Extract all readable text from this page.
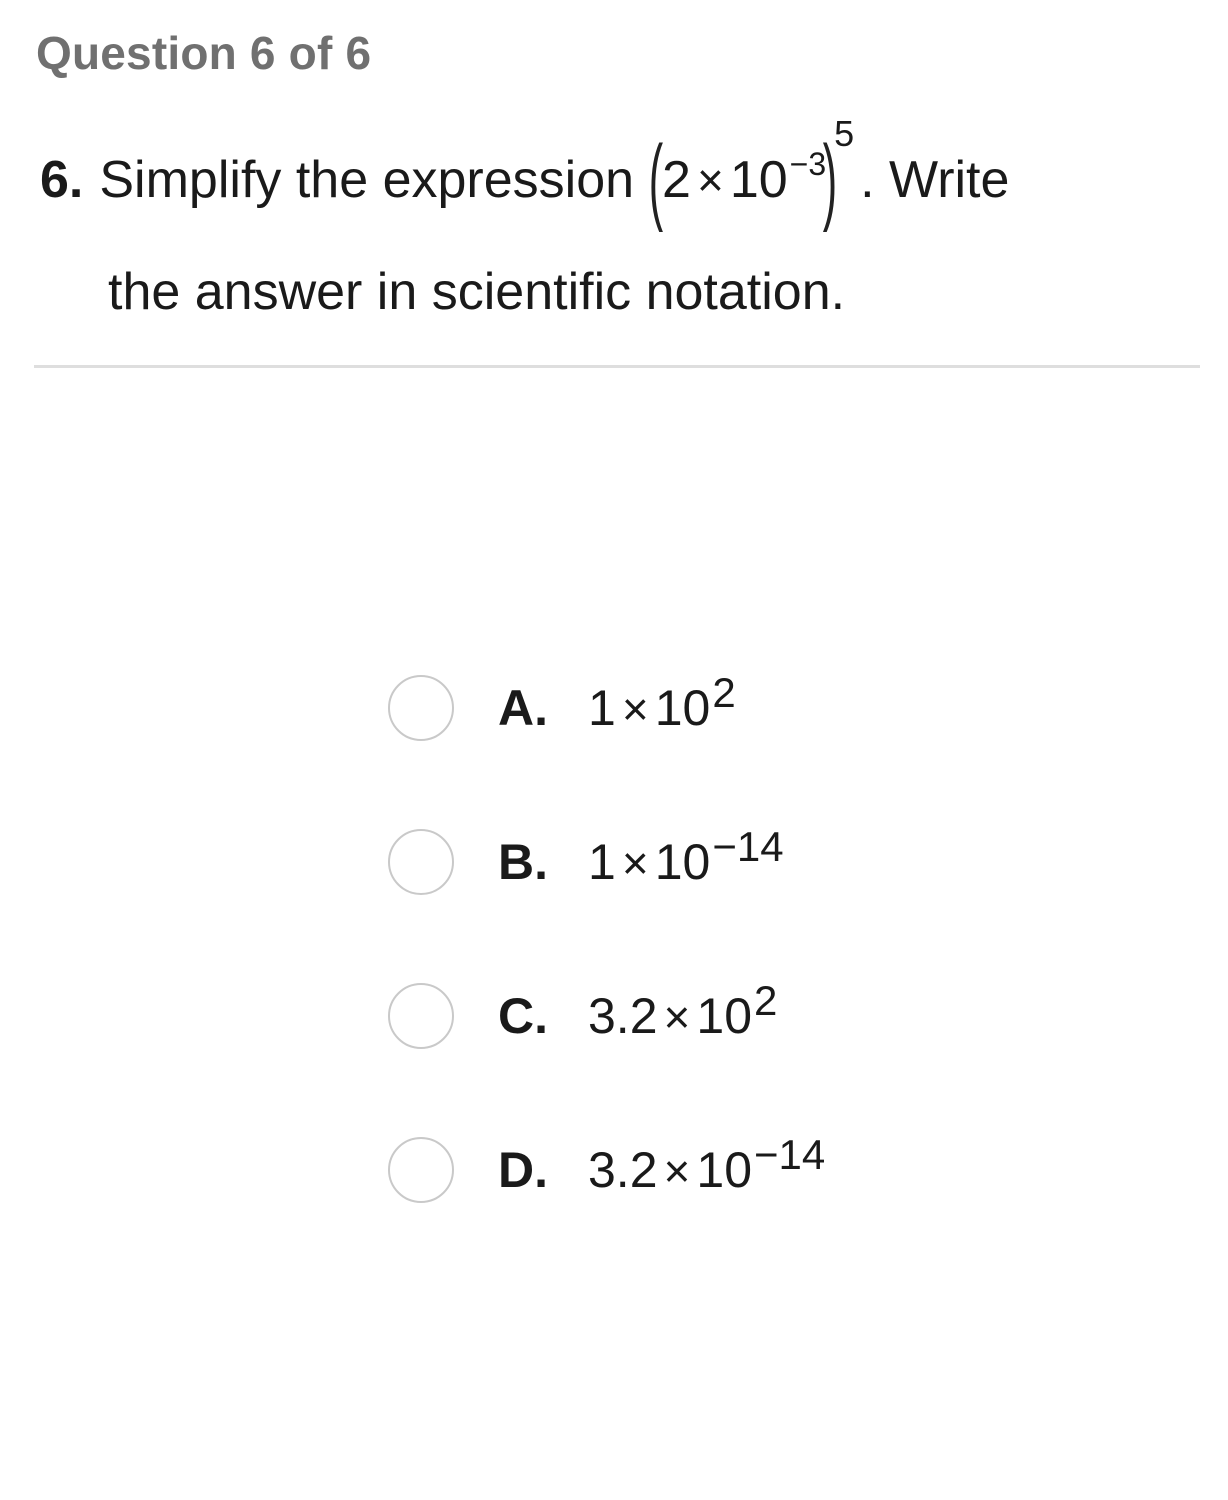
Question 6 of 6
6. Simplify the expression (
$2 \times 10^{-3}$
)
5
. Write
the answer in scientific notation.
A. $1 \times 10^2$
B. $1 \times 10^{-14}$
C. $3.2 \times 10^2$
D. $3.2 \times 10^{-14}$
